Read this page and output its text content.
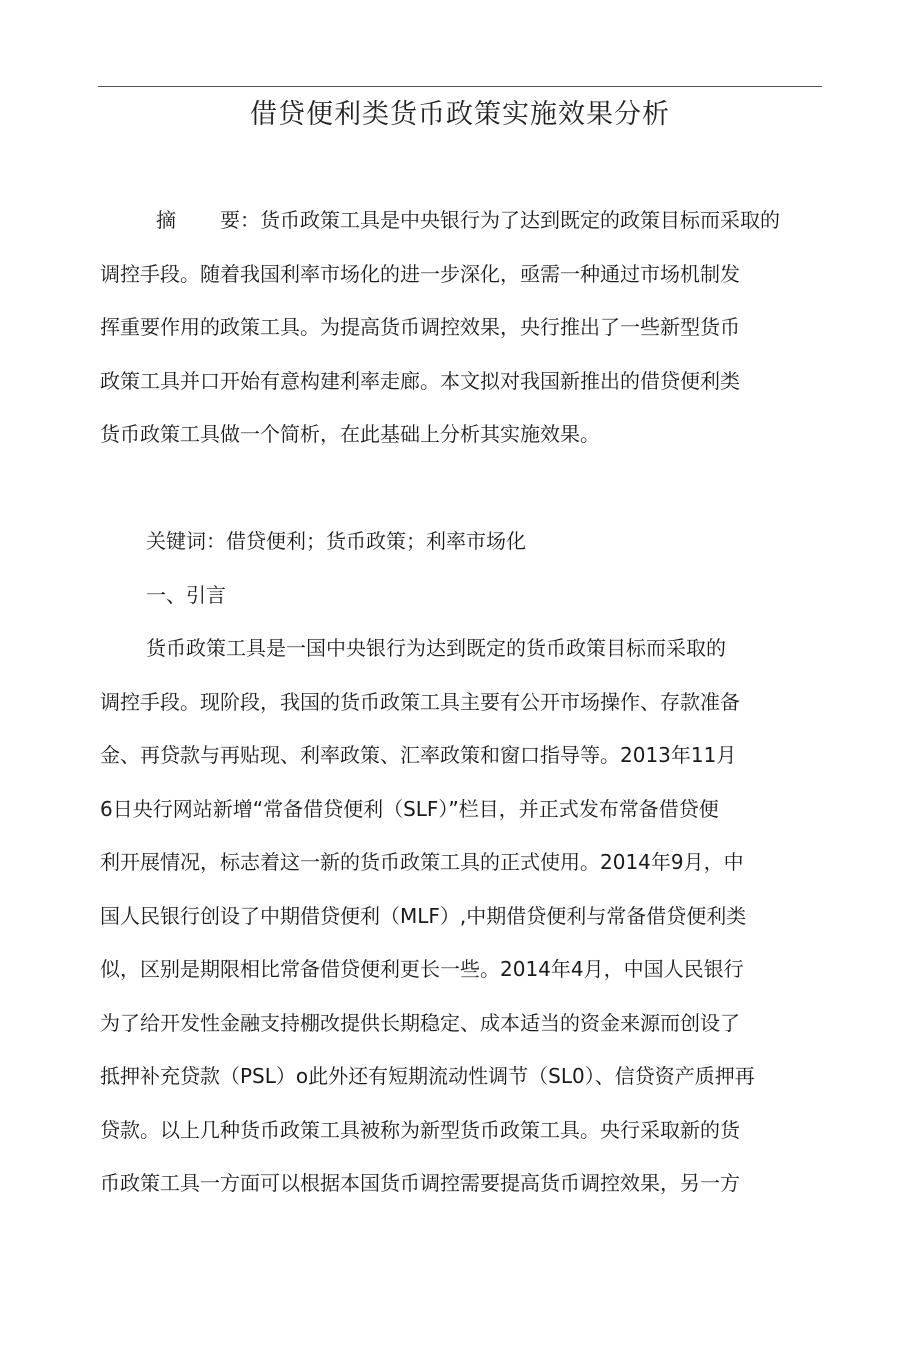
借贷便利类货币政策实施效果分析
摘 要：货币政策工具是中央银行为了达到既定的政策目标而采取的
调控手段。随着我国利率市场化的进一步深化，亟需一种通过市场机制发
挥重要作用的政策工具。为提高货币调控效果，央行推出了一些新型货币
政策工具并口开始有意构建利率走廊。本文拟对我国新推出的借贷便利类
货币政策工具做一个简析，在此基础上分析其实施效果。
关键词：借贷便利；货币政策；利率市场化
一、引言
货币政策工具是一国中央银行为达到既定的货币政策目标而采取的
调控手段。现阶段，我国的货币政策工具主要有公开市场操作、存款准备
金、再贷款与再贴现、利率政策、汇率政策和窗口指导等。2013年11月
6日央行网站新增“常备借贷便利（SLF）”栏目，并正式发布常备借贷便
利开展情况，标志着这一新的货币政策工具的正式使用。2014年9月，中
国人民银行创设了中期借贷便利（MLF）,中期借贷便利与常备借贷便利类
似，区别是期限相比常备借贷便利更长一些。2014年4月，中国人民银行
为了给开发性金融支持棚改提供长期稳定、成本适当的资金来源而创设了
抵押补充贷款（PSL）o此外还有短期流动性调节（SL0）、信贷资产质押再
贷款。以上几种货币政策工具被称为新型货币政策工具。央行采取新的货
币政策工具一方面可以根据本国货币调控需要提高货币调控效果，另一方
